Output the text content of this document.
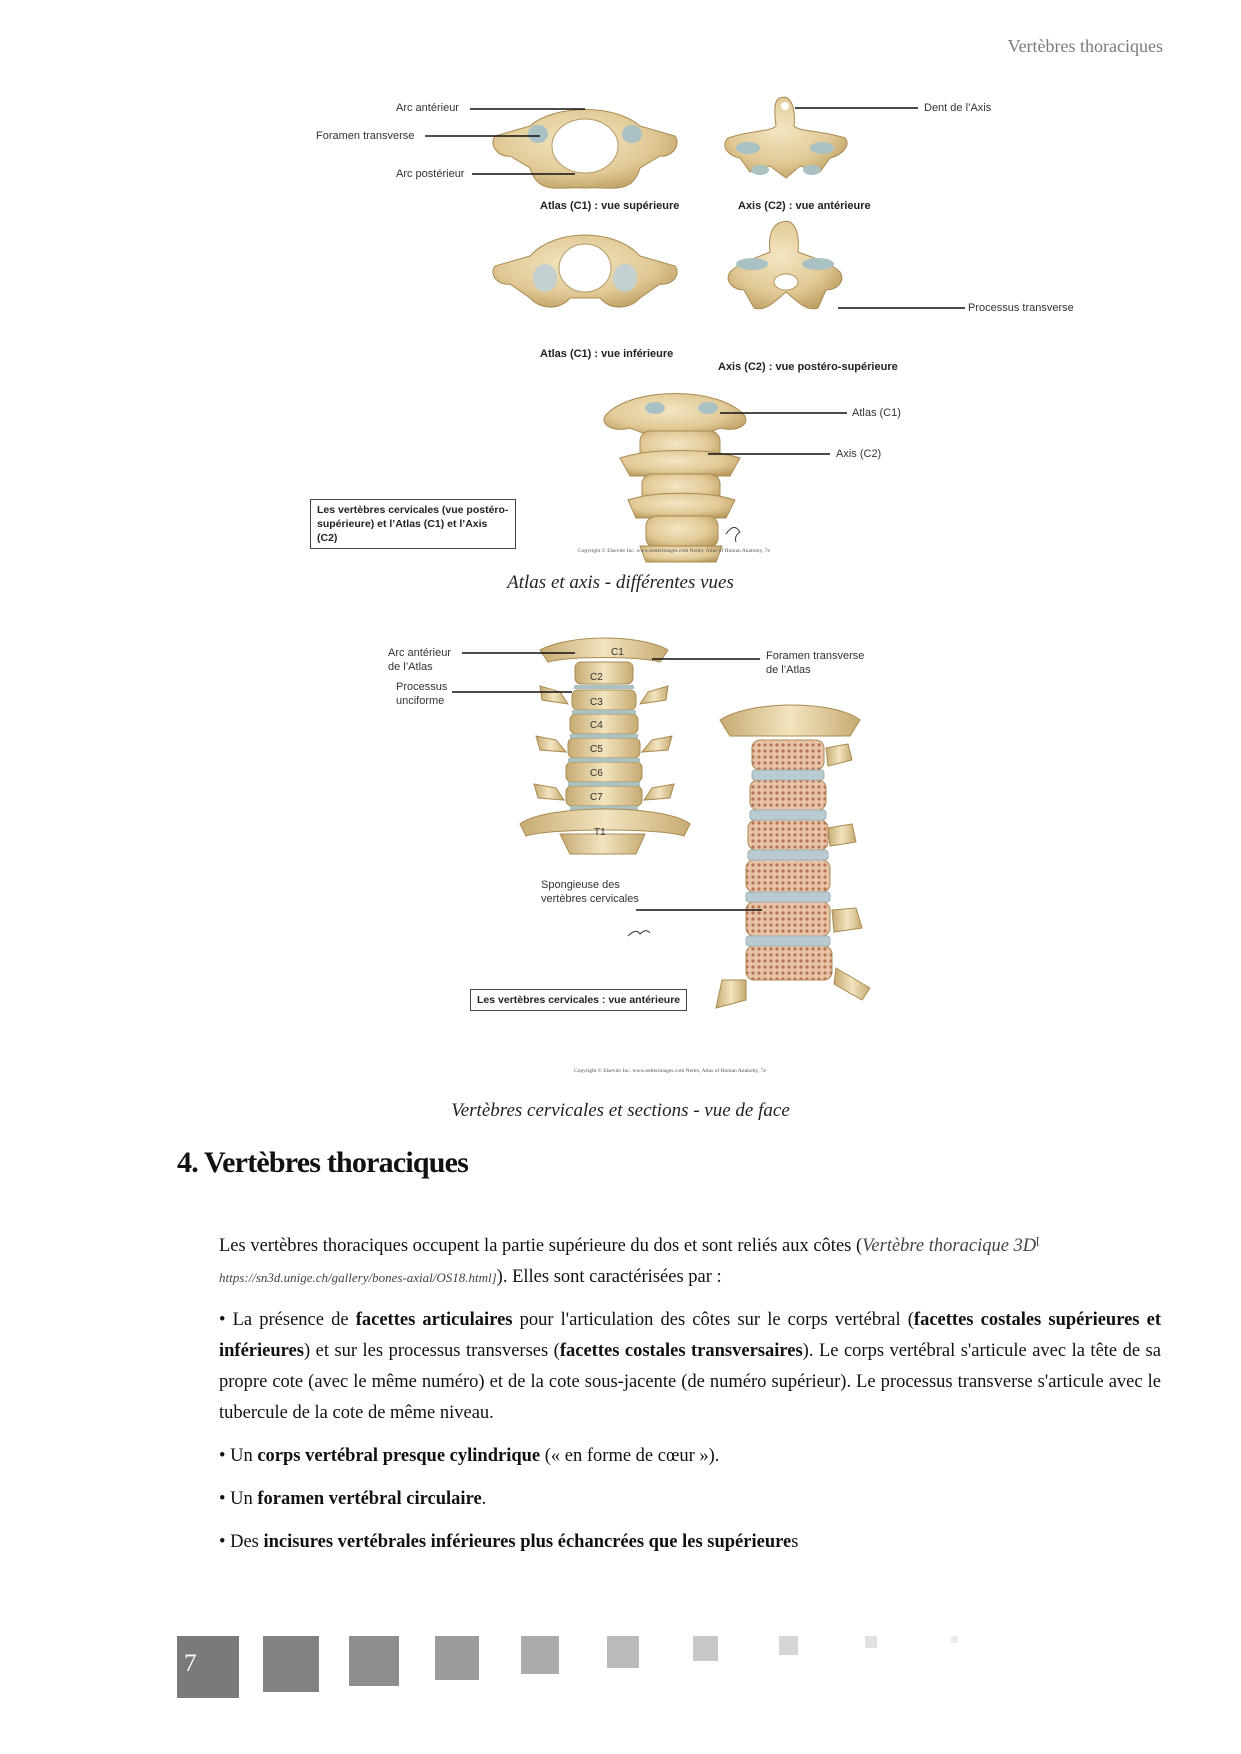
Vertèbres thoraciques
Arc antérieur
Foramen transverse
Arc postérieur
Dent de l’Axis
Processus transverse
Atlas (C1)
Axis (C2)
Atlas (C1) : vue supérieure	Axis (C2) : vue antérieure
Atlas (C1) : vue inférieure
Axis (C2) : vue postéro-supérieure
Les vertèbres cervicales (vue postéro-supérieure) et l’Atlas (C1) et l’Axis (C2)
Copyright © Elsevier Inc. www.netterimages.com Netter, Atlas of Human Anatomy, 7e
Atlas et axis - différentes vues
Arc antérieur
de l’Atlas
Processus
unciforme
Foramen transverse
de l’Atlas
Spongieuse des
vertèbres cervicales
C1
C2
C3
C4
C5
C6
C7
T1
Les vertèbres cervicales : vue antérieure
Copyright © Elsevier Inc. www.netterimages.com Netter, Atlas of Human Anatomy, 7e
Vertèbres cervicales et sections - vue de face
4. Vertèbres thoraciques

Les vertèbres thoraciques occupent la partie supérieure du dos et sont reliés aux côtes (Vertèbre thoracique 3D[
https://sn3d.unige.ch/gallery/bones-axial/OS18.html]). Elles sont caractérisées par :

• La présence de facettes articulaires pour l'articulation des côtes sur le corps vertébral (facettes costales supérieures et inférieures) et sur les processus transverses (facettes costales transversaires). Le corps vertébral s'articule avec la tête de sa propre cote (avec le même numéro) et de la cote sous-jacente (de numéro supérieur). Le processus transverse s'articule avec le tubercule de la cote de même niveau.

• Un corps vertébral presque cylindrique (« en forme de cœur »).

• Un foramen vertébral circulaire.

• Des incisures vertébrales inférieures plus échancrées que les supérieures

7
